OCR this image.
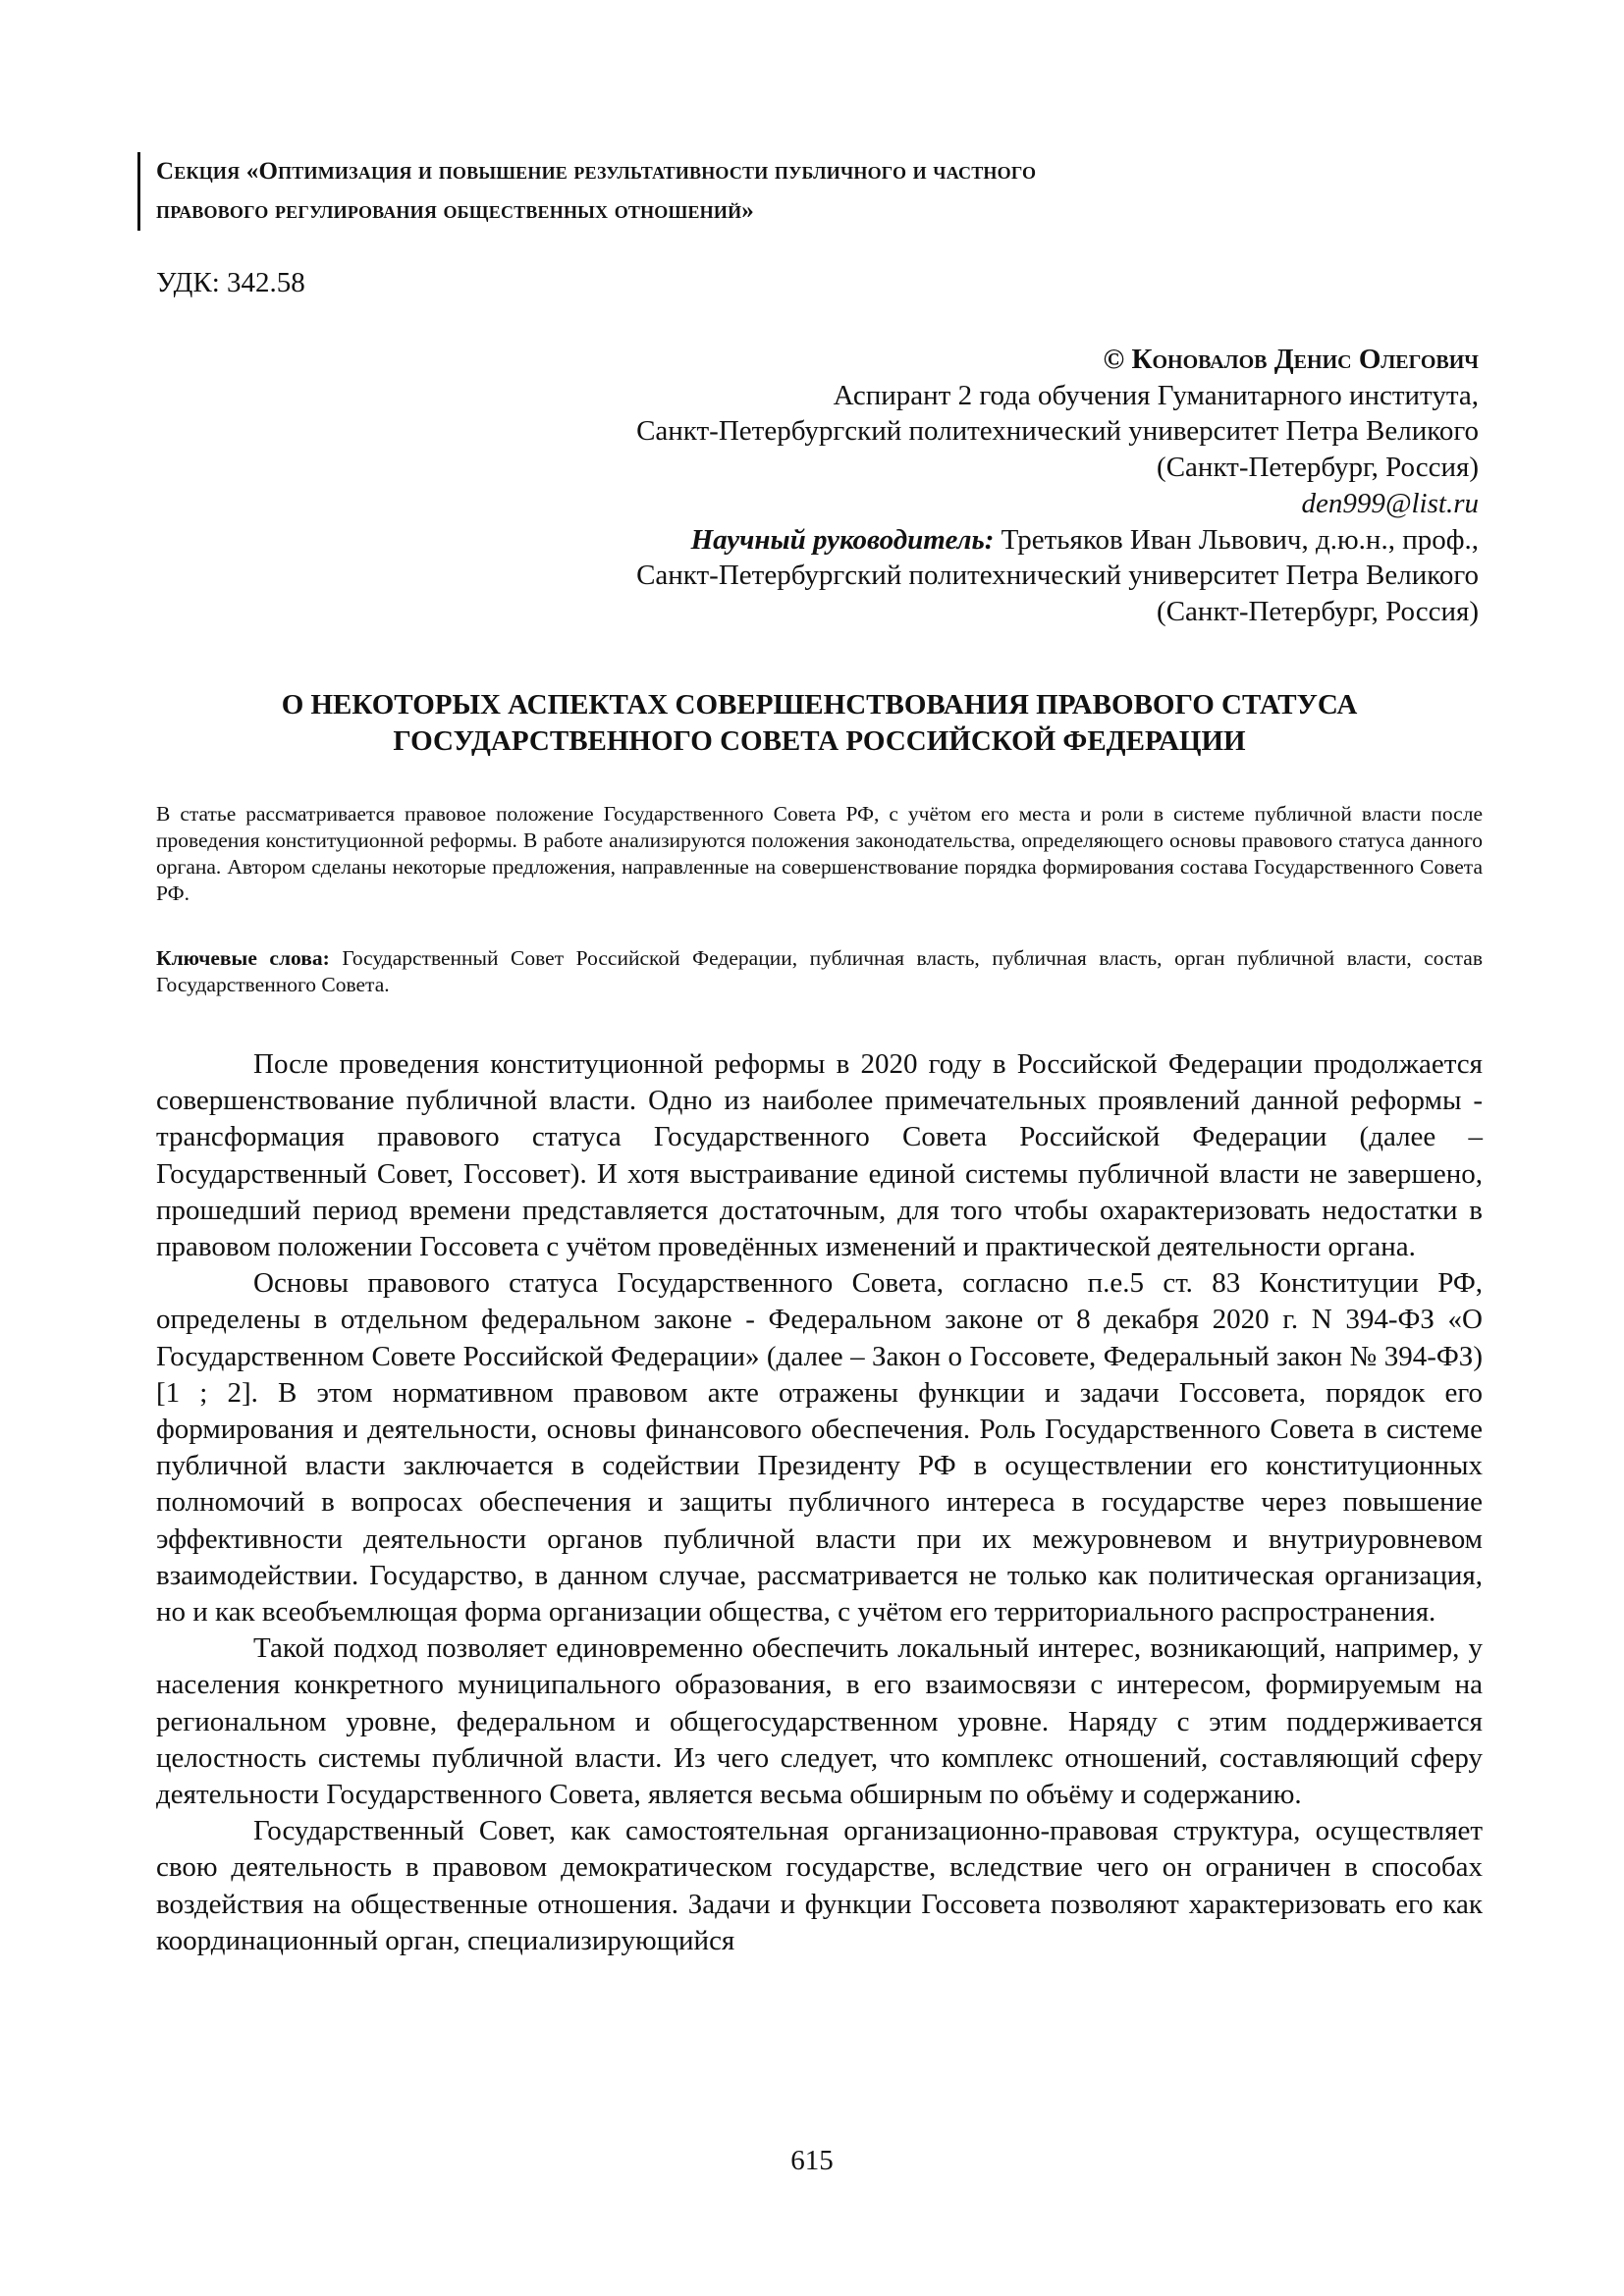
Секция «Оптимизация и повышение результативности публичного и частного
правового регулирования общественных отношений»
УДК: 342.58
© Коновалов Денис Олегович
Аспирант 2 года обучения Гуманитарного института,
Санкт-Петербургский политехнический университет Петра Великого
(Санкт-Петербург, Россия)
den999@list.ru
Научный руководитель: Третьяков Иван Львович, д.ю.н., проф.,
Санкт-Петербургский политехнический университет Петра Великого
(Санкт-Петербург, Россия)
О НЕКОТОРЫХ АСПЕКТАХ СОВЕРШЕНСТВОВАНИЯ ПРАВОВОГО СТАТУСА
ГОСУДАРСТВЕННОГО СОВЕТА РОССИЙСКОЙ ФЕДЕРАЦИИ
В статье рассматривается правовое положение Государственного Совета РФ, с учётом его места и роли в системе публичной власти после проведения конституционной реформы. В работе анализируются положения законодательства, определяющего основы правового статуса данного органа. Автором сделаны некоторые предложения, направленные на совершенствование порядка формирования состава Государственного Совета РФ.
Ключевые слова: Государственный Совет Российской Федерации, публичная власть, публичная власть, орган публичной власти, состав Государственного Совета.

После проведения конституционной реформы в 2020 году в Российской Федерации продолжается совершенствование публичной власти. Одно из наиболее примечательных проявлений данной реформы - трансформация правового статуса Государственного Совета Российской Федерации (далее – Государственный Совет, Госсовет). И хотя выстраивание единой системы публичной власти не завершено, прошедший период времени представляется достаточным, для того чтобы охарактеризовать недостатки в правовом положении Госсовета с учётом проведённых изменений и практической деятельности органа.

Основы правового статуса Государственного Совета, согласно п.е.5 ст. 83 Конституции РФ, определены в отдельном федеральном законе - Федеральном законе от 8 декабря 2020 г. N 394-ФЗ «О Государственном Совете Российской Федерации» (далее – Закон о Госсовете, Федеральный закон № 394-ФЗ) [1 ; 2]. В этом нормативном правовом акте отражены функции и задачи Госсовета, порядок его формирования и деятельности, основы финансового обеспечения. Роль Государственного Совета в системе публичной власти заключается в содействии Президенту РФ в осуществлении его конституционных полномочий в вопросах обеспечения и защиты публичного интереса в государстве через повышение эффективности деятельности органов публичной власти при их межуровневом и внутриуровневом взаимодействии. Государство, в данном случае, рассматривается не только как политическая организация, но и как всеобъемлющая форма организации общества, с учётом его территориального распространения.

Такой подход позволяет единовременно обеспечить локальный интерес, возникающий, например, у населения конкретного муниципального образования, в его взаимосвязи с интересом, формируемым на региональном уровне, федеральном и общегосударственном уровне. Наряду с этим поддерживается целостность системы публичной власти. Из чего следует, что комплекс отношений, составляющий сферу деятельности Государственного Совета, является весьма обширным по объёму и содержанию.

Государственный Совет, как самостоятельная организационно-правовая структура, осуществляет свою деятельность в правовом демократическом государстве, вследствие чего он ограничен в способах воздействия на общественные отношения. Задачи и функции Госсовета позволяют характеризовать его как координационный орган, специализирующийся

615
